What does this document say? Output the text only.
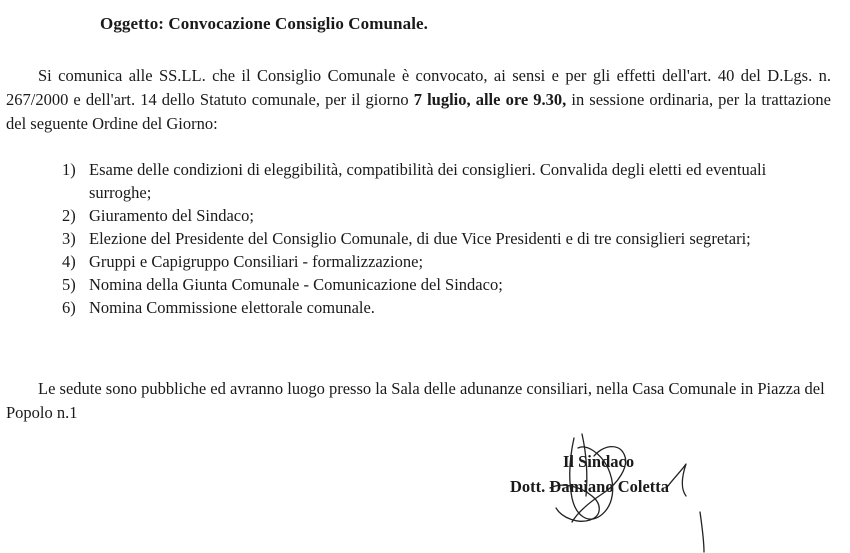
Oggetto: Convocazione Consiglio Comunale.
Si comunica alle SS.LL. che il Consiglio Comunale è convocato, ai sensi e per gli effetti dell'art. 40 del D.Lgs. n. 267/2000 e dell'art. 14 dello Statuto comunale, per il giorno 7 luglio, alle ore 9.30, in sessione ordinaria, per la trattazione del seguente Ordine del Giorno:
1) Esame delle condizioni di eleggibilità, compatibilità dei consiglieri. Convalida degli eletti ed eventuali surroghe;
2) Giuramento del Sindaco;
3) Elezione del Presidente del Consiglio Comunale, di due Vice Presidenti e di tre consiglieri segretari;
4) Gruppi e Capigruppo Consiliari - formalizzazione;
5) Nomina della Giunta Comunale - Comunicazione del Sindaco;
6) Nomina Commissione elettorale comunale.
Le sedute sono pubbliche ed avranno luogo presso la Sala delle adunanze consiliari, nella Casa Comunale in Piazza del Popolo n.1
Il Sindaco
Dott. Damiano Coletta
